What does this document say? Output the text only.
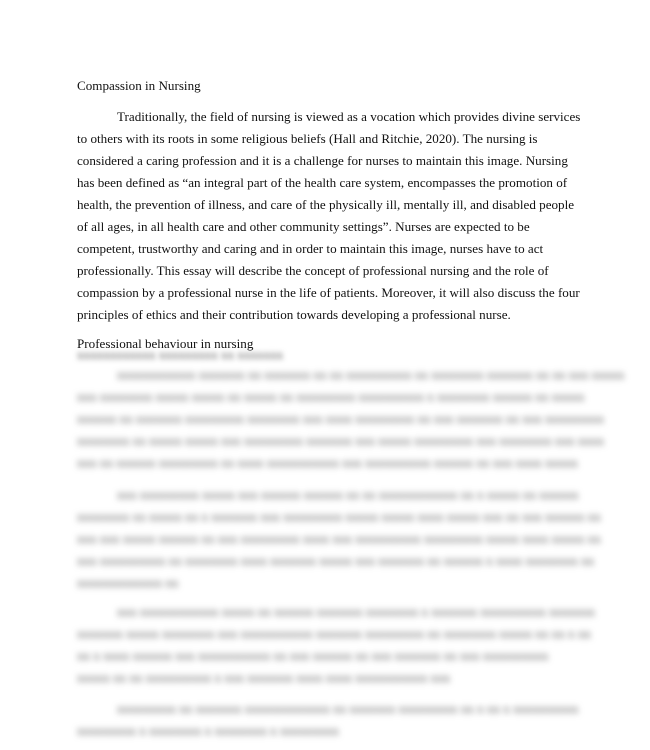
Compassion in Nursing
Traditionally, the field of nursing is viewed as a vocation which provides divine services
to others with its roots in some religious beliefs (Hall and Ritchie, 2020). The nursing is
considered a caring profession and it is a challenge for nurses to maintain this image. Nursing
has been defined as “an integral part of the health care system, encompasses the promotion of
health, the prevention of illness, and care of the physically ill, mentally ill, and disabled people
of all ages, in all health care and other community settings”. Nurses are expected to be
competent, trustworthy and caring and in order to maintain this image, nurses have to act
professionally. This essay will describe the concept of professional nursing and the role of
compassion by a professional nurse in the life of patients. Moreover, it will also discuss the four
principles of ethics and their contribution towards developing a professional nurse.
Professional behaviour in nursing
xxxxxxxxxxxx xxxxxxxxx xx xxxxxxx
xxxxxxxxxxxx xxxxxxx xx xxxxxxx xx xx xxxxxxxxxx xx xxxxxxxx xxxxxxx xx xx xxx xxxxx
xxx xxxxxxxx xxxxx xxxxx xx xxxxx xx xxxxxxxxx xxxxxxxxxx x xxxxxxxx xxxxxx xx xxxxx
xxxxxx xx xxxxxxx xxxxxxxxx xxxxxxxx xxx xxxx xxxxxxxxx xx xxx xxxxxxx xx xxx xxxxxxxxx
xxxxxxxx xx xxxxx xxxxx xxx xxxxxxxxx xxxxxxx xxx xxxxx xxxxxxxxx xxx xxxxxxxx xxx xxxx
xxx xx xxxxxx xxxxxxxxx xx xxxx xxxxxxxxxxx xxx xxxxxxxxxx xxxxxx xx xxx xxxx xxxxx
xxx xxxxxxxxx xxxxx xxx xxxxxx xxxxxx xx xx xxxxxxxxxxxx xx x xxxxx xx xxxxxx
xxxxxxxx xx xxxxx xx x xxxxxxx xxx xxxxxxxxx xxxxx xxxxx xxxx xxxxx xxx xx xxx xxxxxx xx
xxx xxx xxxxx xxxxxx xx xxx xxxxxxxxx xxxx xxx xxxxxxxxxx xxxxxxxxx xxxxx xxxx xxxxx xx
xxx xxxxxxxxxx xx xxxxxxxx xxxx xxxxxxx xxxxx xxx xxxxxxx xx xxxxxx x xxxx xxxxxxxx xx
xxxxxxxxxxxxx xx
xxx xxxxxxxxxxxx xxxxx xx xxxxxx xxxxxxx xxxxxxxx x xxxxxxx xxxxxxxxxx xxxxxxx
xxxxxxx xxxxx xxxxxxxx xxx xxxxxxxxxxx xxxxxxx xxxxxxxxx xx xxxxxxxx xxxxx xx xx x xx
xx x xxxx xxxxxx xxx xxxxxxxxxxx xx xxx xxxxxx xx xxx xxxxxxx xx xxx xxxxxxxxxx
xxxxx xx xx xxxxxxxxxx x xxx xxxxxxx xxxx xxxx xxxxxxxxxxx xxx
xxxxxxxxx xx xxxxxxx xxxxxxxxxxxxx xx xxxxxxx xxxxxxxxx xx x xx x xxxxxxxxxx
xxxxxxxxx x xxxxxxxx x xxxxxxxx x xxxxxxxxx
